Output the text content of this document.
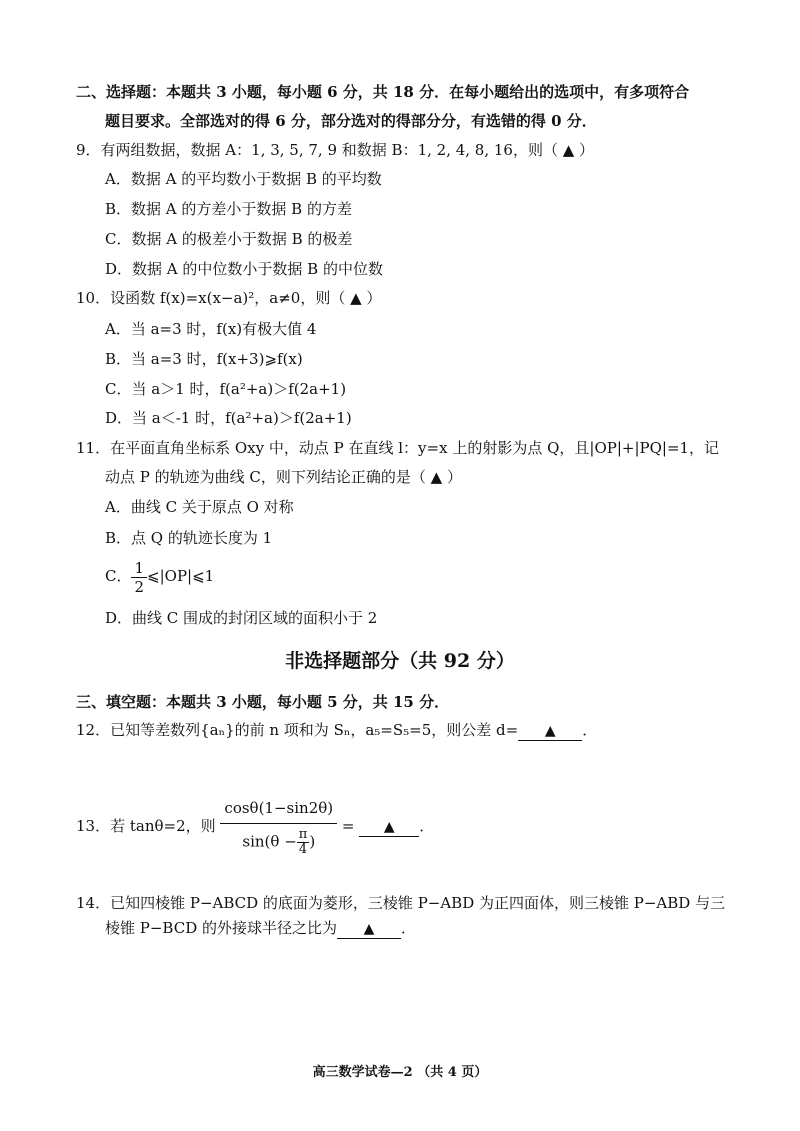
二、选择题：本题共 3 小题，每小题 6 分，共 18 分．在每小题给出的选项中，有多项符合
题目要求。全部选对的得 6 分，部分选对的得部分分，有选错的得 0 分．
9．有两组数据，数据 A：1, 3, 5, 7, 9 和数据 B：1, 2, 4, 8, 16，则（ ▲ ）
A．数据 A 的平均数小于数据 B 的平均数
B．数据 A 的方差小于数据 B 的方差
C．数据 A 的极差小于数据 B 的极差
D．数据 A 的中位数小于数据 B 的中位数
10．设函数 f(x)=x(x−a)²，a≠0，则（ ▲ ）
A．当 a=3 时，f(x)有极大值 4
B．当 a=3 时，f(x+3)⩾f(x)
C．当 a＞1 时，f(a²+a)＞f(2a+1)
D．当 a＜-1 时，f(a²+a)＞f(2a+1)
11．在平面直角坐标系 Oxy 中，动点 P 在直线 l：y=x 上的射影为点 Q，且|OP|+|PQ|=1，记
动点 P 的轨迹为曲线 C，则下列结论正确的是（ ▲ ）
A．曲线 C 关于原点 O 对称
B．点 Q 的轨迹长度为 1
C． $\frac{1}{2}$ ⩽|OP|⩽1
D．曲线 C 围成的封闭区域的面积小于 2
非选择题部分（共 92 分）
三、填空题：本题共 3 小题，每小题 5 分，共 15 分．
12．已知等差数列{aₙ}的前 n 项和为 Sₙ，a₅=S₅=5，则公差 d= ▲ ．
13．若 tanθ=2，则 $\frac{\cos\theta(1-\sin 2\theta)}{\sin(\theta - \frac{\pi}{4} )}$ = ▲ ．
14．已知四棱锥 P−ABCD 的底面为菱形，三棱锥 P−ABD 为正四面体，则三棱锥 P−ABD 与三
棱锥 P−BCD 的外接球半径之比为 ▲ ．
高三数学试卷—2 （共 4 页）
